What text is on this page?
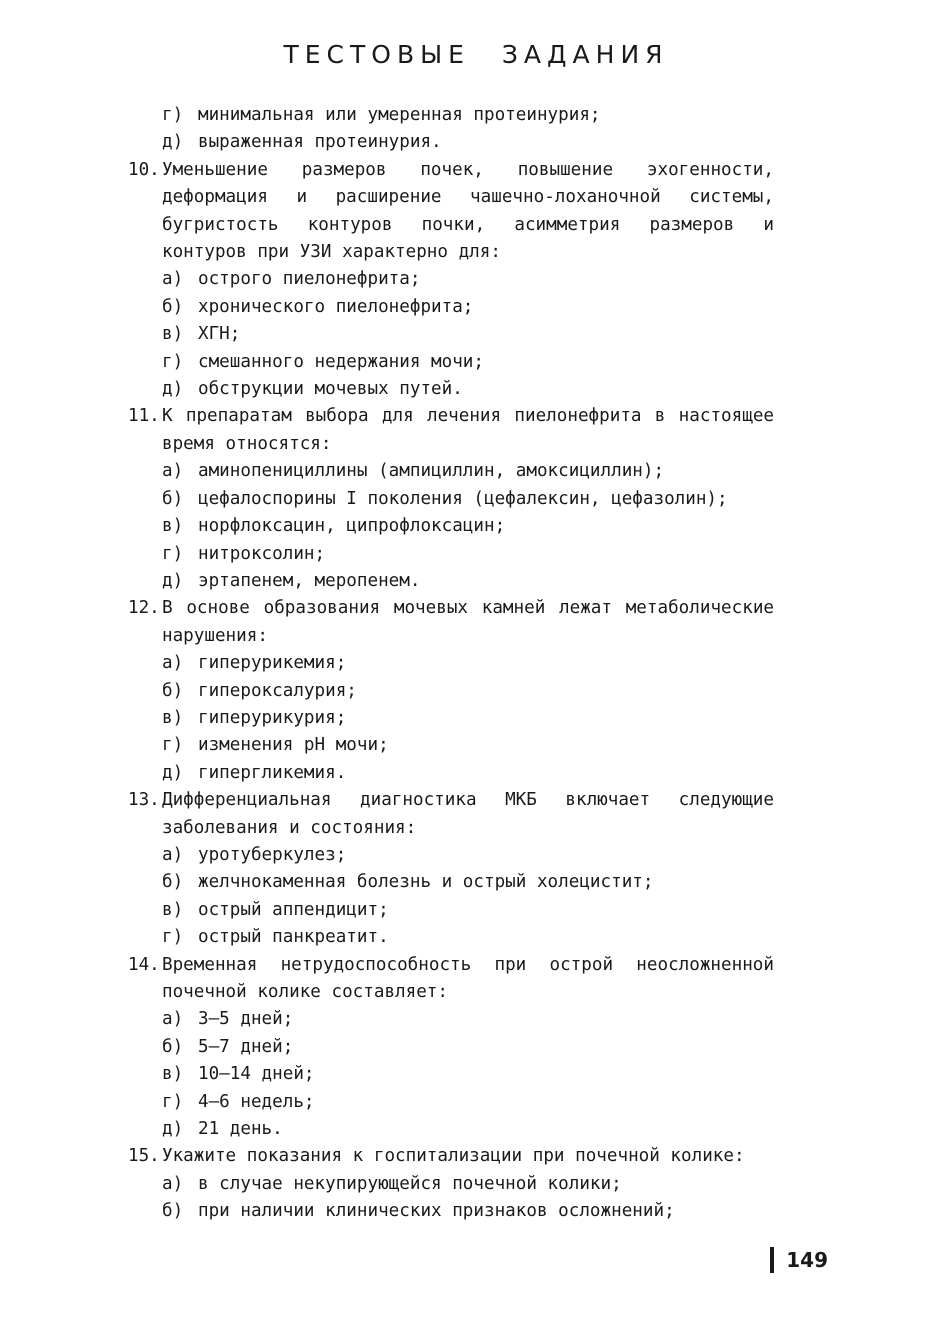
ТЕСТОВЫЕ ЗАДАНИЯ
г) минимальная или умеренная протеинурия;
д) выраженная протеинурия.
10. Уменьшение размеров почек, повышение эхогенности, деформация и расширение чашечно-лоханочной системы, бугристость контуров почки, асимметрия размеров и контуров при УЗИ характерно для:
а) острого пиелонефрита;
б) хронического пиелонефрита;
в) ХГН;
г) смешанного недержания мочи;
д) обструкции мочевых путей.
11. К препаратам выбора для лечения пиелонефрита в настоящее время относятся:
а) аминопенициллины (ампициллин, амоксициллин);
б) цефалоспорины I поколения (цефалексин, цефазолин);
в) норфлоксацин, ципрофлоксацин;
г) нитроксолин;
д) эртапенем, меропенем.
12. В основе образования мочевых камней лежат метаболические нарушения:
а) гиперурикемия;
б) гипероксалурия;
в) гиперурикурия;
г) изменения рН мочи;
д) гипергликемия.
13. Дифференциальная диагностика МКБ включает следующие заболевания и состояния:
а) уротуберкулез;
б) желчнокаменная болезнь и острый холецистит;
в) острый аппендицит;
г) острый панкреатит.
14. Временная нетрудоспособность при острой неосложненной почечной колике составляет:
а) 3–5 дней;
б) 5–7 дней;
в) 10–14 дней;
г) 4–6 недель;
д) 21 день.
15. Укажите показания к госпитализации при почечной колике:
а) в случае некупирующейся почечной колики;
б) при наличии клинических признаков осложнений;
149
